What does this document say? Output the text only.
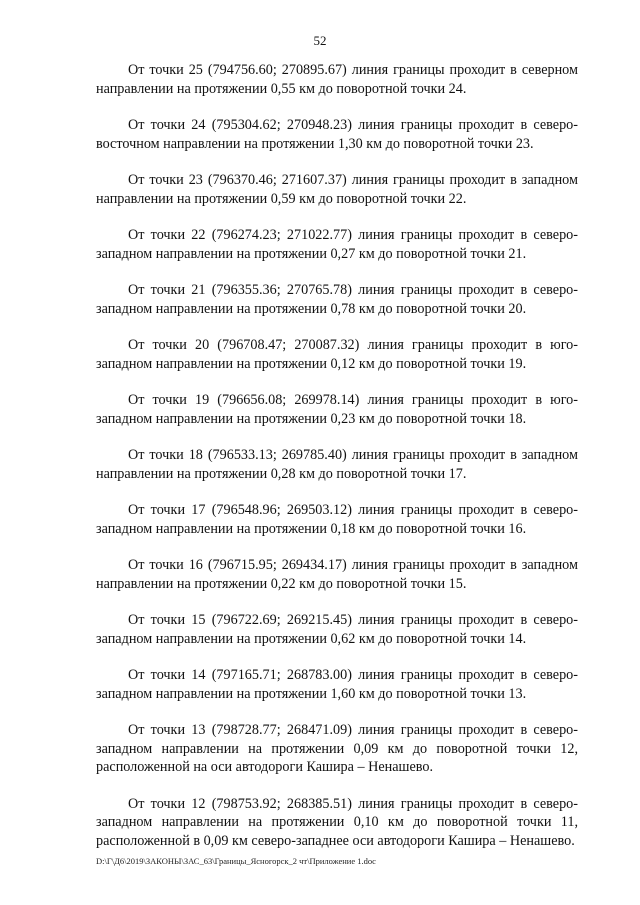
52

От точки 25 (794756.60; 270895.67) линия границы проходит в северном направлении на протяжении 0,55 км до поворотной точки 24.

От точки 24 (795304.62; 270948.23) линия границы проходит в северо-восточном направлении на протяжении 1,30 км до поворотной точки 23.

От точки 23 (796370.46; 271607.37) линия границы проходит в западном направлении на протяжении 0,59 км до поворотной точки 22.

От точки 22 (796274.23; 271022.77) линия границы проходит в северо-западном направлении на протяжении 0,27 км до поворотной точки 21.

От точки 21 (796355.36; 270765.78) линия границы проходит в северо-западном направлении на протяжении 0,78 км до поворотной точки 20.

От точки 20 (796708.47; 270087.32) линия границы проходит в юго-западном направлении на протяжении 0,12 км до поворотной точки 19.

От точки 19 (796656.08; 269978.14) линия границы проходит в юго-западном направлении на протяжении 0,23 км до поворотной точки 18.

От точки 18 (796533.13; 269785.40) линия границы проходит в западном направлении на протяжении 0,28 км до поворотной точки 17.

От точки 17 (796548.96; 269503.12) линия границы проходит в северо-западном направлении на протяжении 0,18 км до поворотной точки 16.

От точки 16 (796715.95; 269434.17) линия границы проходит в западном направлении на протяжении 0,22 км до поворотной точки 15.

От точки 15 (796722.69; 269215.45) линия границы проходит в северо-западном направлении на протяжении 0,62 км до поворотной точки 14.

От точки 14 (797165.71; 268783.00) линия границы проходит в северо-западном направлении на протяжении 1,60 км до поворотной точки 13.

От точки 13 (798728.77; 268471.09) линия границы проходит в северо-западном направлении на протяжении 0,09 км до поворотной точки 12, расположенной на оси автодороги Кашира – Ненашево.

От точки 12 (798753.92; 268385.51) линия границы проходит в северо-западном направлении на протяжении 0,10 км до поворотной точки 11, расположенной в 0,09 км северо-западнее оси автодороги Кашира – Ненашево.

D:\Г\Д6\2019\ЗАКОНЫ\ЗАС_63\Границы_Ясногорск_2 чт\Приложение 1.doc
